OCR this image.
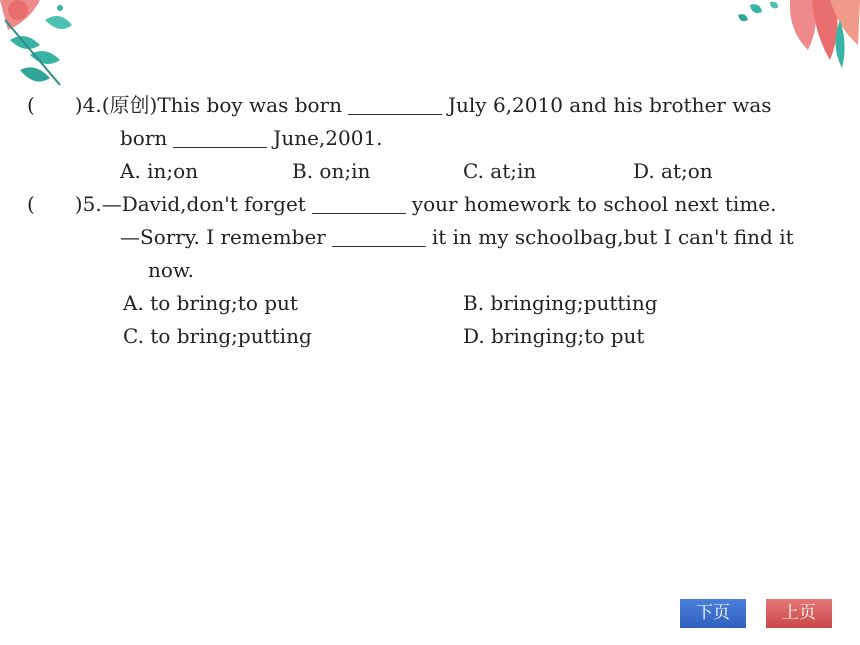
(　　)4.(原创)This boy was born	July 6,2010 and his brother was
born	June,2001.
A. in;on	B. on;in	C. at;in	D. at;on
(　　)5.—David,don't forget	your homework to school next time.
—Sorry. I remember	it in my schoolbag,but I can't find it
now.
A. to bring;to put	B. bringing;putting
C. to bring;putting	D. bringing;to put
下页	上页
